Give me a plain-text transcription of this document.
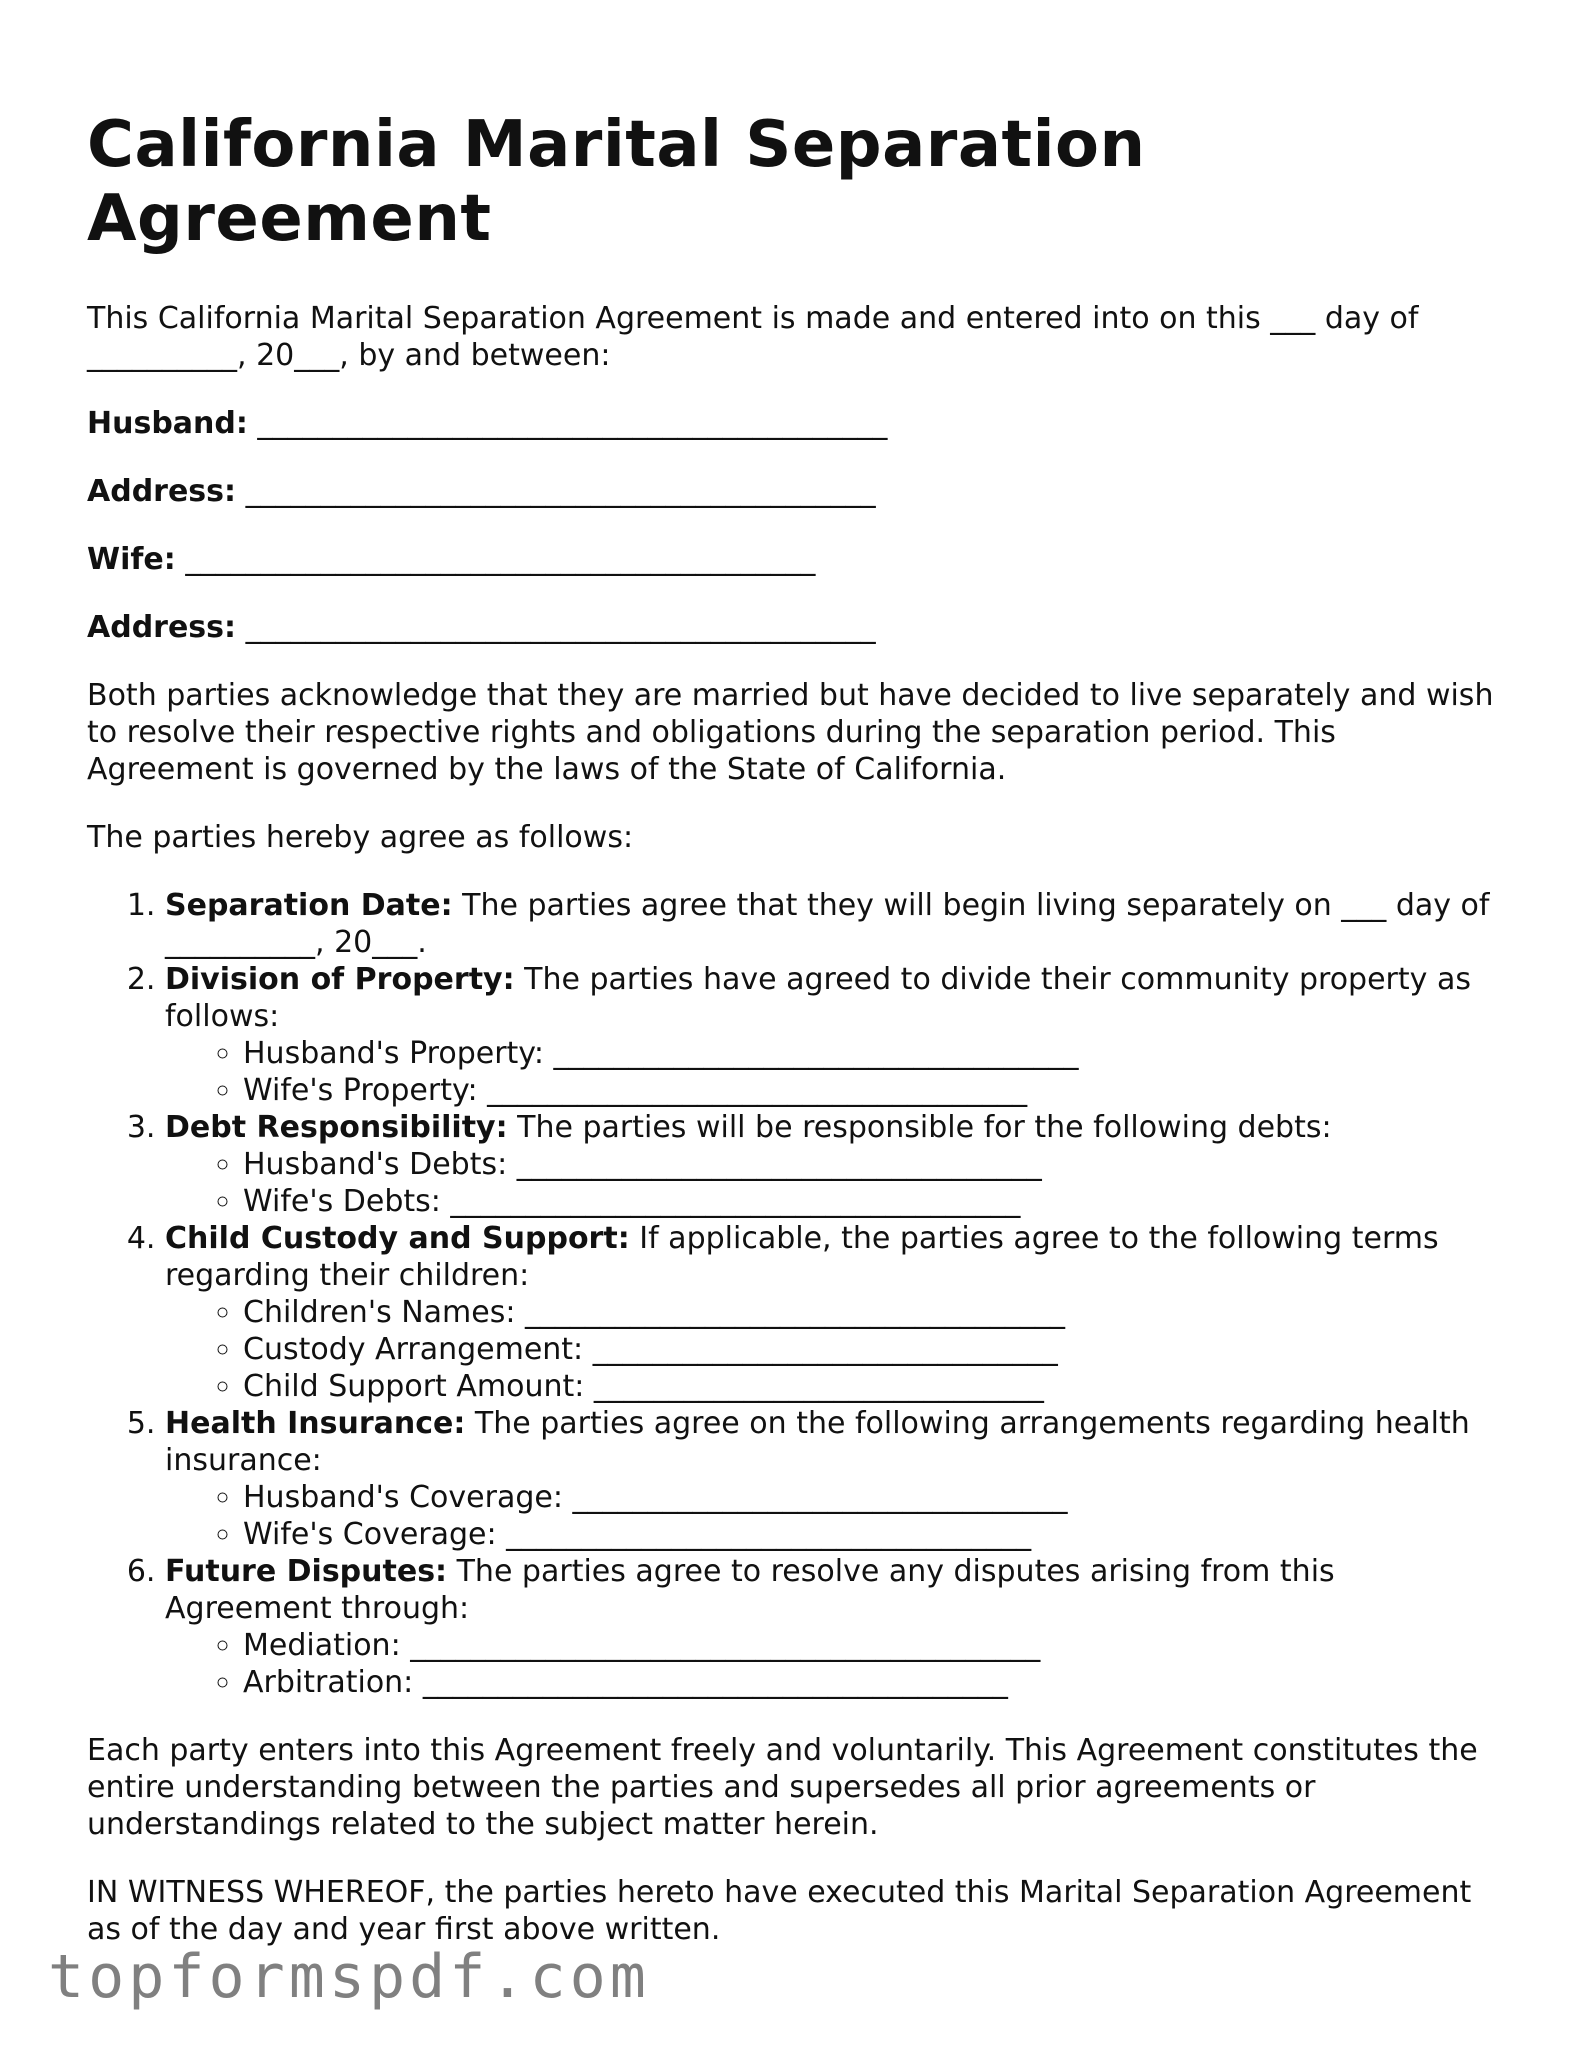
California Marital Separation Agreement

This California Marital Separation Agreement is made and entered into on this ___ day of __________, 20___, by and between:

Husband: __________________________________________
Address: __________________________________________
Wife: __________________________________________
Address: __________________________________________

Both parties acknowledge that they are married but have decided to live separately and wish to resolve their respective rights and obligations during the separation period. This Agreement is governed by the laws of the State of California.

The parties hereby agree as follows:

1. Separation Date: The parties agree that they will begin living separately on ___ day of __________, 20___.
2. Division of Property: The parties have agreed to divide their community property as follows:
◦ Husband's Property: ___________________________________
◦ Wife's Property: ____________________________________
3. Debt Responsibility: The parties will be responsible for the following debts:
◦ Husband's Debts: ___________________________________
◦ Wife's Debts: ______________________________________
4. Child Custody and Support: If applicable, the parties agree to the following terms regarding their children:
◦ Children's Names: ____________________________________
◦ Custody Arrangement: _______________________________
◦ Child Support Amount: ______________________________
5. Health Insurance: The parties agree on the following arrangements regarding health insurance:
◦ Husband's Coverage: _________________________________
◦ Wife's Coverage: ___________________________________
6. Future Disputes: The parties agree to resolve any disputes arising from this Agreement through:
◦ Mediation: __________________________________________
◦ Arbitration: _______________________________________

Each party enters into this Agreement freely and voluntarily. This Agreement constitutes the entire understanding between the parties and supersedes all prior agreements or understandings related to the subject matter herein.

IN WITNESS WHEREOF, the parties hereto have executed this Marital Separation Agreement as of the day and year first above written.

topformspdf.com
